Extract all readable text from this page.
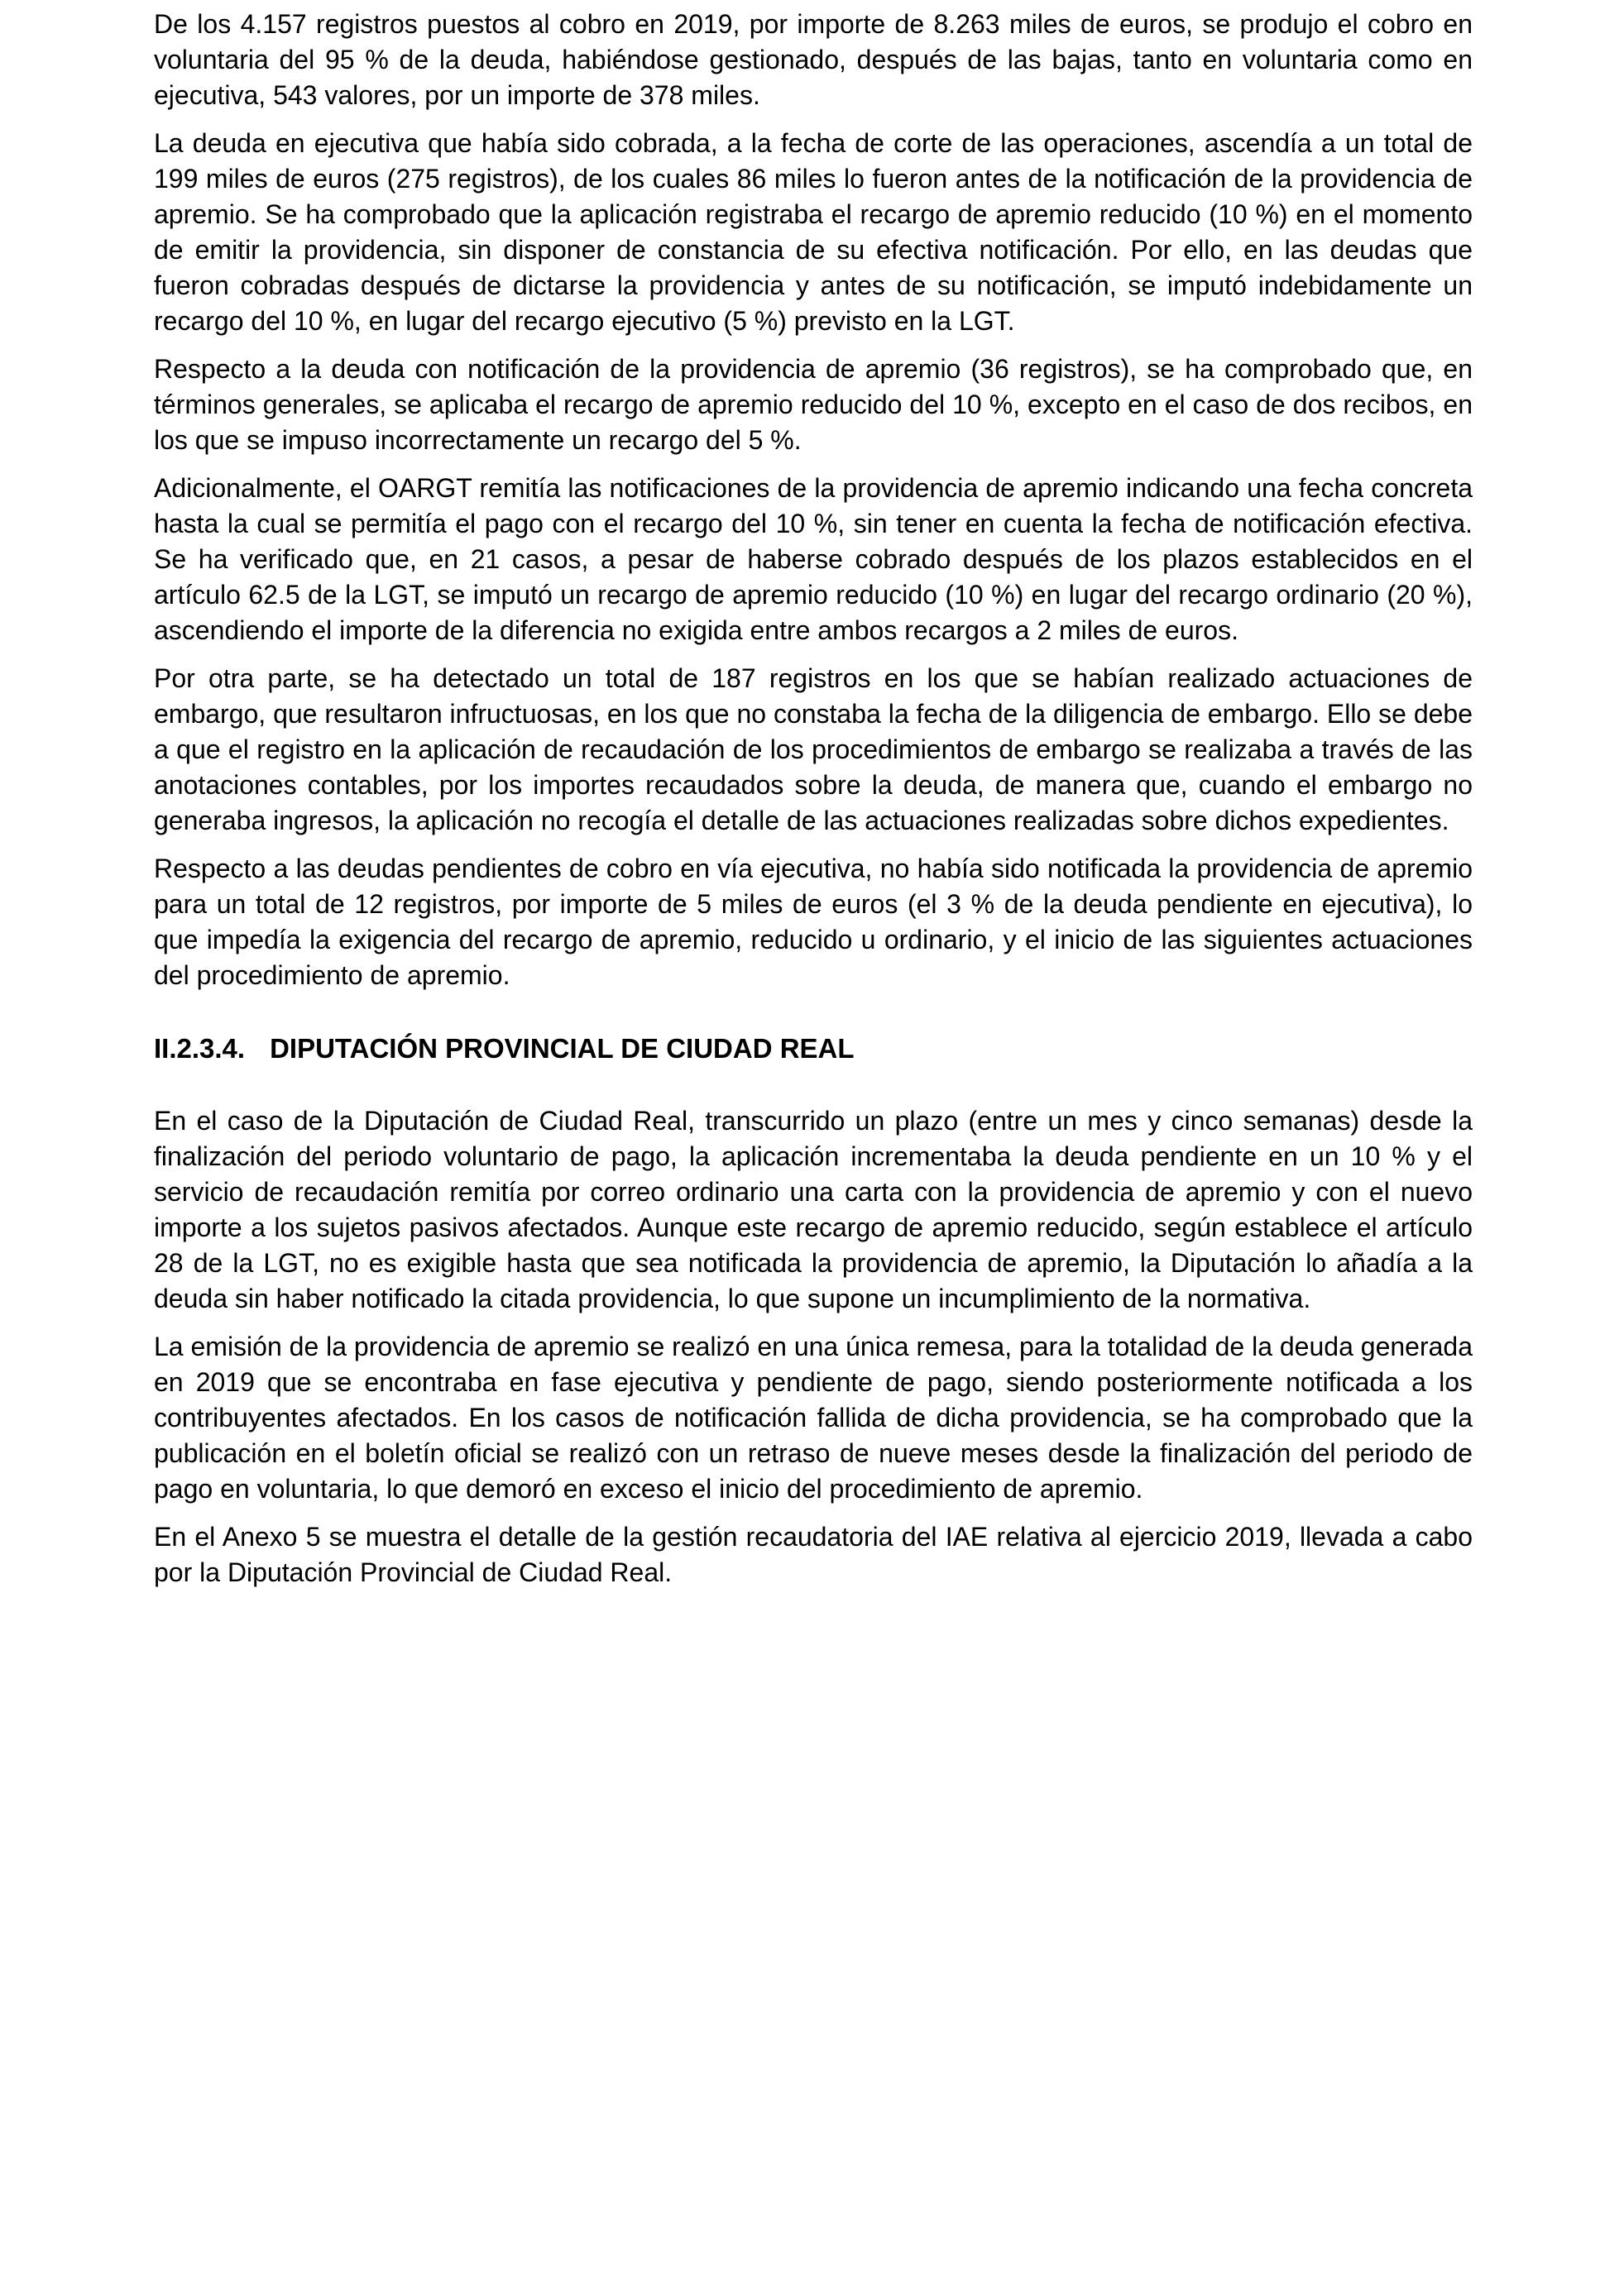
De los 4.157 registros puestos al cobro en 2019, por importe de 8.263 miles de euros, se produjo el cobro en voluntaria del 95 % de la deuda, habiéndose gestionado, después de las bajas, tanto en voluntaria como en ejecutiva, 543 valores, por un importe de 378 miles.

La deuda en ejecutiva que había sido cobrada, a la fecha de corte de las operaciones, ascendía a un total de 199 miles de euros (275 registros), de los cuales 86 miles lo fueron antes de la notificación de la providencia de apremio. Se ha comprobado que la aplicación registraba el recargo de apremio reducido (10 %) en el momento de emitir la providencia, sin disponer de constancia de su efectiva notificación. Por ello, en las deudas que fueron cobradas después de dictarse la providencia y antes de su notificación, se imputó indebidamente un recargo del 10 %, en lugar del recargo ejecutivo (5 %) previsto en la LGT.

Respecto a la deuda con notificación de la providencia de apremio (36 registros), se ha comprobado que, en términos generales, se aplicaba el recargo de apremio reducido del 10 %, excepto en el caso de dos recibos, en los que se impuso incorrectamente un recargo del 5 %.

Adicionalmente, el OARGT remitía las notificaciones de la providencia de apremio indicando una fecha concreta hasta la cual se permitía el pago con el recargo del 10 %, sin tener en cuenta la fecha de notificación efectiva. Se ha verificado que, en 21 casos, a pesar de haberse cobrado después de los plazos establecidos en el artículo 62.5 de la LGT, se imputó un recargo de apremio reducido (10 %) en lugar del recargo ordinario (20 %), ascendiendo el importe de la diferencia no exigida entre ambos recargos a 2 miles de euros.

Por otra parte, se ha detectado un total de 187 registros en los que se habían realizado actuaciones de embargo, que resultaron infructuosas, en los que no constaba la fecha de la diligencia de embargo. Ello se debe a que el registro en la aplicación de recaudación de los procedimientos de embargo se realizaba a través de las anotaciones contables, por los importes recaudados sobre la deuda, de manera que, cuando el embargo no generaba ingresos, la aplicación no recogía el detalle de las actuaciones realizadas sobre dichos expedientes.

Respecto a las deudas pendientes de cobro en vía ejecutiva, no había sido notificada la providencia de apremio para un total de 12 registros, por importe de 5 miles de euros (el 3 % de la deuda pendiente en ejecutiva), lo que impedía la exigencia del recargo de apremio, reducido u ordinario, y el inicio de las siguientes actuaciones del procedimiento de apremio.

II.2.3.4. DIPUTACIÓN PROVINCIAL DE CIUDAD REAL

En el caso de la Diputación de Ciudad Real, transcurrido un plazo (entre un mes y cinco semanas) desde la finalización del periodo voluntario de pago, la aplicación incrementaba la deuda pendiente en un 10 % y el servicio de recaudación remitía por correo ordinario una carta con la providencia de apremio y con el nuevo importe a los sujetos pasivos afectados. Aunque este recargo de apremio reducido, según establece el artículo 28 de la LGT, no es exigible hasta que sea notificada la providencia de apremio, la Diputación lo añadía a la deuda sin haber notificado la citada providencia, lo que supone un incumplimiento de la normativa.

La emisión de la providencia de apremio se realizó en una única remesa, para la totalidad de la deuda generada en 2019 que se encontraba en fase ejecutiva y pendiente de pago, siendo posteriormente notificada a los contribuyentes afectados. En los casos de notificación fallida de dicha providencia, se ha comprobado que la publicación en el boletín oficial se realizó con un retraso de nueve meses desde la finalización del periodo de pago en voluntaria, lo que demoró en exceso el inicio del procedimiento de apremio.

En el Anexo 5 se muestra el detalle de la gestión recaudatoria del IAE relativa al ejercicio 2019, llevada a cabo por la Diputación Provincial de Ciudad Real.
